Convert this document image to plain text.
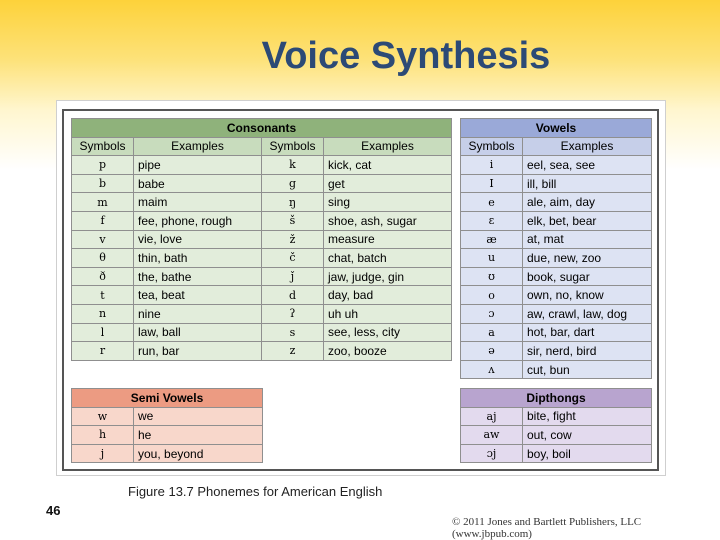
Voice Synthesis
Consonants			
Symbols	Examples	Symbols	Examples
p	pipe	k	kick, cat
b	babe	g	get
m	maim	ŋ	sing
f	fee, phone, rough	š	shoe, ash, sugar
v	vie, love	ž	measure
θ	thin, bath	č	chat, batch
ð	the, bathe	ǰ	jaw, judge, gin
t	tea, beat	d	day, bad
n	nine	ʔ	uh uh
l	law, ball	s	see, less, city
r	run, bar	z	zoo, booze
Vowels	
Symbols	Examples
i	eel, sea, see
I	ill, bill
e	ale, aim, day
ɛ	elk, bet, bear
æ	at, mat
u	due, new, zoo
ʊ	book, sugar
o	own, no, know
ɔ	aw, crawl, law, dog
a	hot, bar, dart
ə	sir, nerd, bird
ʌ	cut, bun
Semi Vowels	
w	we
h	he
j	you, beyond
Dipthongs	
aj	bite, fight
aw	out, cow
ɔj	boy, boil
Figure 13.7 Phonemes for American English
46
© 2011 Jones and Bartlett Publishers, LLC (www.jbpub.com)
